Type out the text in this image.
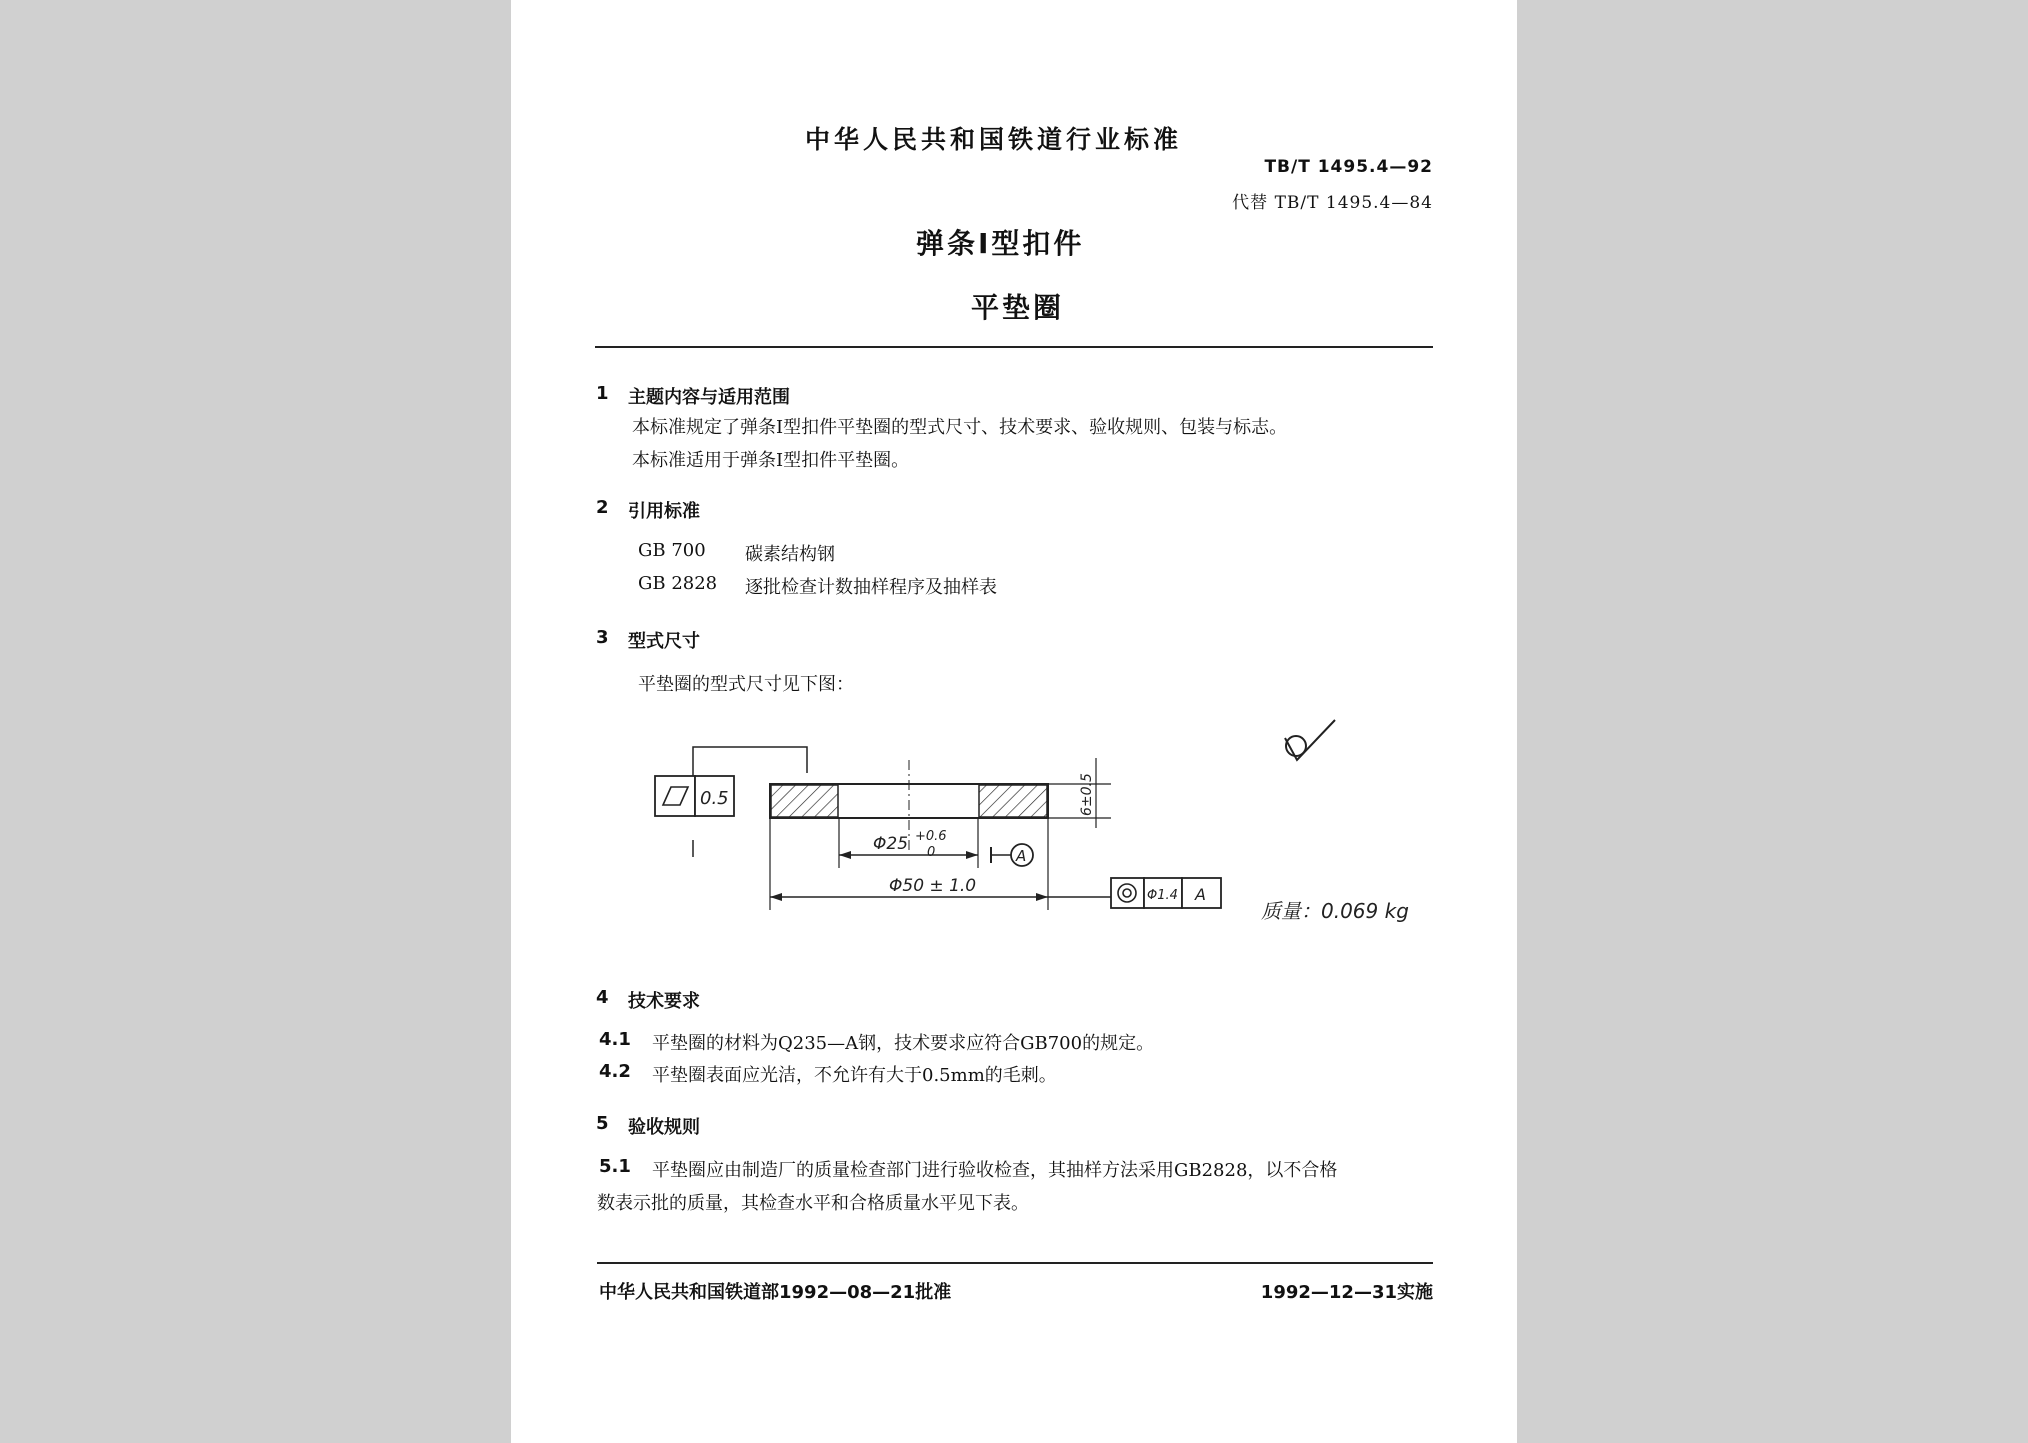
中华人民共和国铁道行业标准
TB/T 1495.4—92
代替 TB/T 1495.4—84
弹条Ⅰ型扣件
平垫圈
1 主题内容与适用范围
本标准规定了弹条Ⅰ型扣件平垫圈的型式尺寸、技术要求、验收规则、包装与标志。
本标准适用于弹条Ⅰ型扣件平垫圈。
2 引用标准
GB 700 碳素结构钢
GB 2828 逐批检查计数抽样程序及抽样表
3 型式尺寸
平垫圈的型式尺寸见下图：
0.5	6±0.5
Φ25 +0.6
0	A
Φ50 ± 1.0	Φ1.4 A
质量：0.069 kg
4 技术要求
4.1 平垫圈的材料为Q235—A钢，技术要求应符合GB700的规定。
4.2 平垫圈表面应光洁，不允许有大于0.5mm的毛刺。
5 验收规则
5.1 平垫圈应由制造厂的质量检查部门进行验收检查，其抽样方法采用GB2828，以不合格
数表示批的质量，其检查水平和合格质量水平见下表。
中华人民共和国铁道部1992—08—21批准	1992—12—31实施
